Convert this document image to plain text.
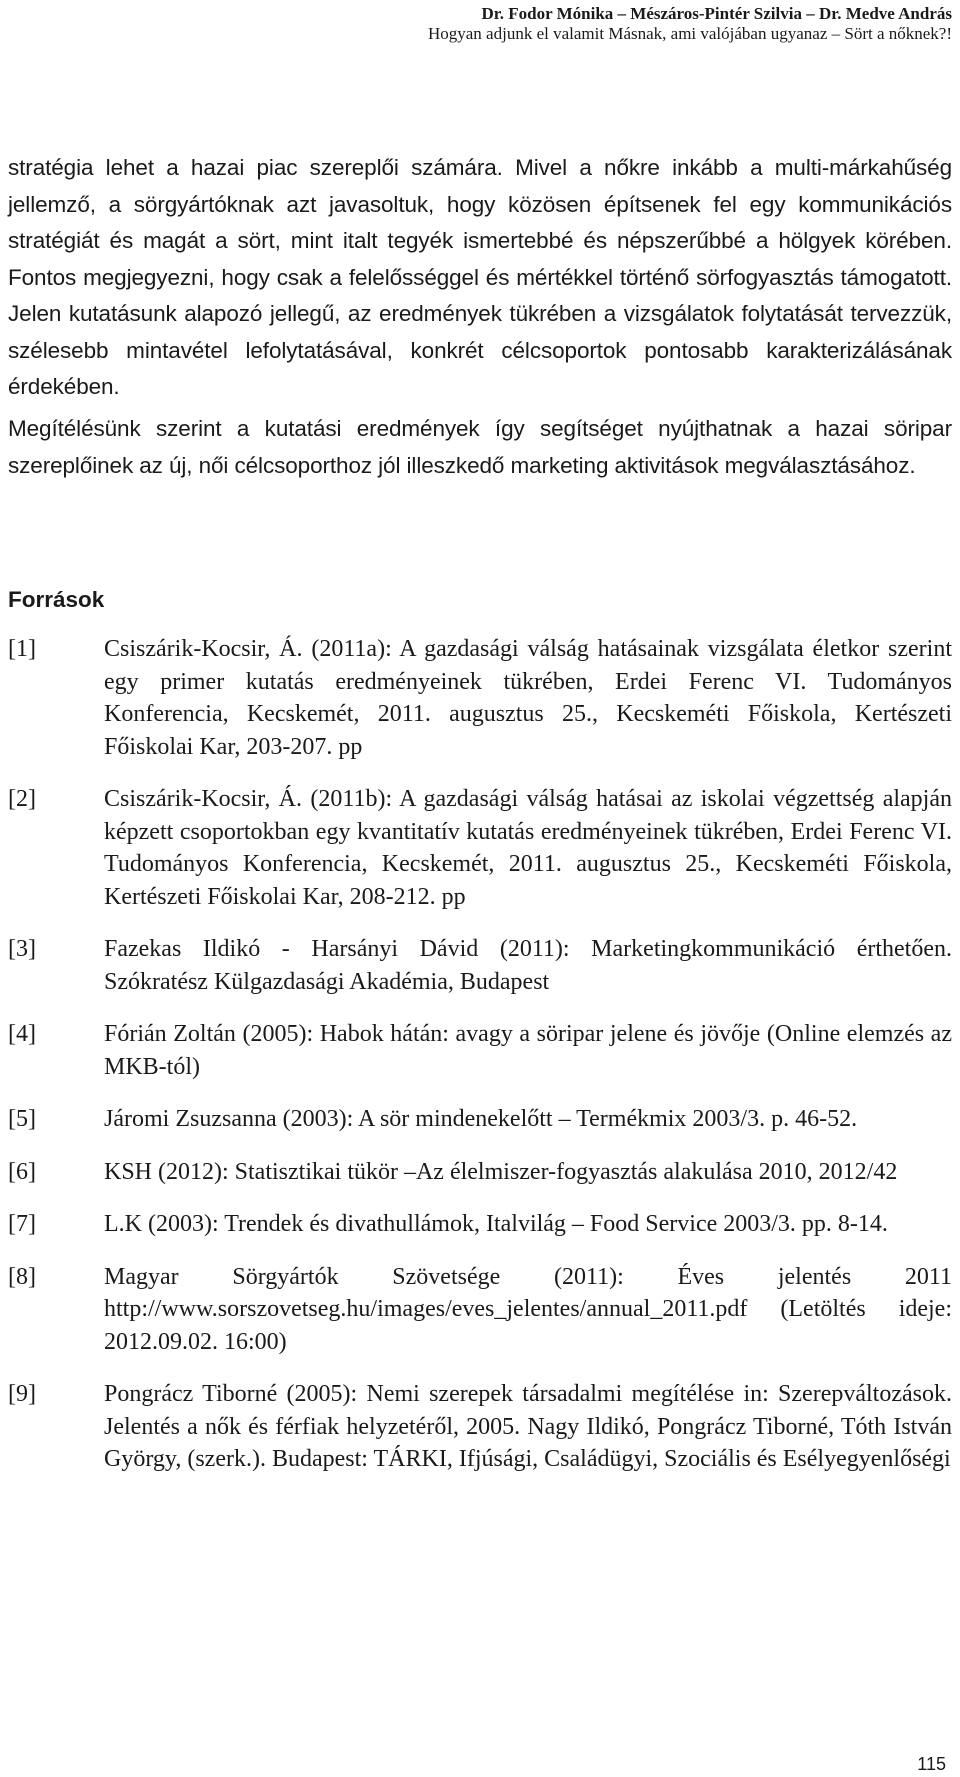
Dr. Fodor Mónika – Mészáros-Pintér Szilvia – Dr. Medve András
Hogyan adjunk el valamit Másnak, ami valójában ugyanaz – Sört a nőknek?!
stratégia lehet a hazai piac szereplői számára. Mivel a nőkre inkább a multi-márkahűség jellemző, a sörgyártóknak azt javasoltuk, hogy közösen építsenek fel egy kommunikációs stratégiát és magát a sört, mint italt tegyék ismertebbé és népszerűbbé a hölgyek körében. Fontos megjegyezni, hogy csak a felelősséggel és mértékkel történő sörfogyasztás támogatott. Jelen kutatásunk alapozó jellegű, az eredmények tükrében a vizsgálatok folytatását tervezzük, szélesebb mintavétel lefolytatásával, konkrét célcsoportok pontosabb karakterizálásának érdekében.
Megítélésünk szerint a kutatási eredmények így segítséget nyújthatnak a hazai söripar szereplőinek az új, női célcsoporthoz jól illeszkedő marketing aktivitások megválasztásához.
Források
[1]	Csiszárik-Kocsir, Á. (2011a): A gazdasági válság hatásainak vizsgálata életkor szerint egy primer kutatás eredményeinek tükrében, Erdei Ferenc VI. Tudományos Konferencia, Kecskemét, 2011. augusztus 25., Kecskeméti Főiskola, Kertészeti Főiskolai Kar, 203-207. pp
[2]	Csiszárik-Kocsir, Á. (2011b): A gazdasági válság hatásai az iskolai végzettség alapján képzett csoportokban egy kvantitatív kutatás eredményeinek tükrében, Erdei Ferenc VI. Tudományos Konferencia, Kecskemét, 2011. augusztus 25., Kecskeméti Főiskola, Kertészeti Főiskolai Kar, 208-212. pp
[3]	Fazekas Ildikó - Harsányi Dávid (2011): Marketingkommunikáció érthetően. Szókratész Külgazdasági Akadémia, Budapest
[4]	Fórián Zoltán (2005): Habok hátán: avagy a söripar jelene és jövője (Online elemzés az MKB-tól)
[5]	Járomi Zsuzsanna (2003): A sör mindenekelőtt – Termékmix 2003/3. p. 46-52.
[6]	KSH (2012): Statisztikai tükör –Az élelmiszer-fogyasztás alakulása 2010, 2012/42
[7]	L.K (2003): Trendek és divathullámok, Italvilág – Food Service 2003/3. pp. 8-14.
[8]	Magyar Sörgyártók Szövetsége (2011): Éves jelentés 2011 http://www.sorszovetseg.hu/images/eves_jelentes/annual_2011.pdf (Letöltés ideje: 2012.09.02. 16:00)
[9]	Pongrácz Tiborné (2005): Nemi szerepek társadalmi megítélése in: Szerepváltozások. Jelentés a nők és férfiak helyzetéről, 2005. Nagy Ildikó, Pongrácz Tiborné, Tóth István György, (szerk.). Budapest: TÁRKI, Ifjúsági, Családügyi, Szociális és Esélyegyenlőségi
115
